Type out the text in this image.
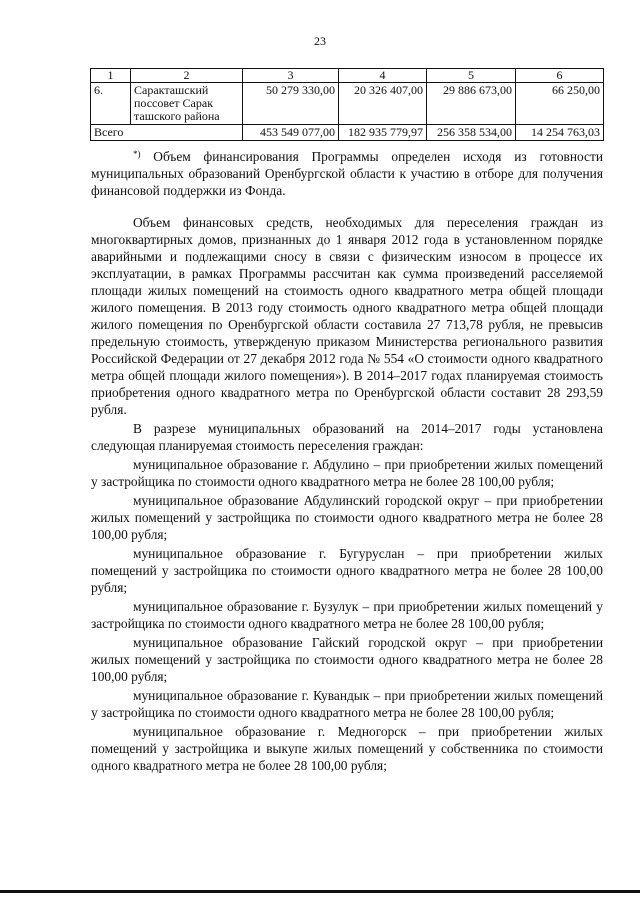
23
1	2	3	4	5	6
6.	Саракташский поссовет Сарак ташского района	50 279 330,00	20 326 407,00	29 886 673,00	66 250,00
Всего		453 549 077,00	182 935 779,97	256 358 534,00	14 254 763,03

*) Объем финансирования Программы определен исходя из готовности муниципальных образований Оренбургской области к участию в отборе для получения финансовой поддержки из Фонда.

Объем финансовых средств, необходимых для переселения граждан из многоквартирных домов, признанных до 1 января 2012 года в установленном порядке аварийными и подлежащими сносу в связи с физическим износом в процессе их эксплуатации, в рамках Программы рассчитан как сумма произведений расселяемой площади жилых помещений на стоимость одного квадратного метра общей площади жилого помещения. В 2013 году стоимость одного квадратного метра общей площади жилого помещения по Оренбургской области составила 27 713,78 рубля, не превысив предельную стоимость, утвержденую приказом Министерства регионального развития Российской Федерации от 27 декабря 2012 года № 554 «О стоимости одного квадратного метра общей площади жилого помещения»). В 2014–2017 годах планируемая стоимость приобретения одного квадратного метра по Оренбургской области составит 28 293,59 рубля.

В разрезе муниципальных образований на 2014–2017 годы установлена следующая планируемая стоимость переселения граждан:

муниципальное образование г. Абдулино – при приобретении жилых помещений у застройщика по стоимости одного квадратного метра не более 28 100,00 рубля;

муниципальное образование Абдулинский городской округ – при приобретении жилых помещений у застройщика по стоимости одного квадратного метра не более 28 100,00 рубля;

муниципальное образование г. Бугуруслан – при приобретении жилых помещений у застройщика по стоимости одного квадратного метра не более 28 100,00 рубля;

муниципальное образование г. Бузулук – при приобретении жилых помещений у застройщика по стоимости одного квадратного метра не более 28 100,00 рубля;

муниципальное образование Гайский городской округ – при приобретении жилых помещений у застройщика по стоимости одного квадратного метра не более 28 100,00 рубля;

муниципальное образование г. Кувандык – при приобретении жилых помещений у застройщика по стоимости одного квадратного метра не более 28 100,00 рубля;

муниципальное образование г. Медногорск – при приобретении жилых помещений у застройщика и выкупе жилых помещений у собственника по стоимости одного квадратного метра не более 28 100,00 рубля;
